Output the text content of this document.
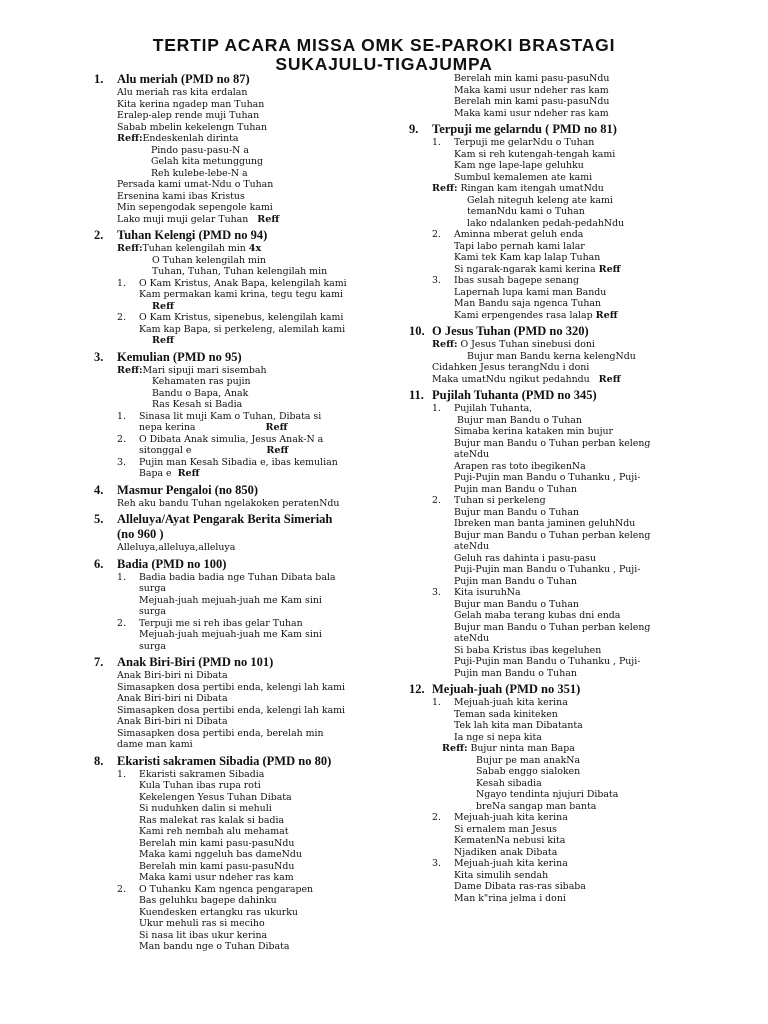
TERTIP ACARA MISSA OMK SE-PAROKI BRASTAGI
SUKAJULU-TIGAJUMPA
1.	Alu meriah (PMD no 87)
Alu meriah ras kita erdalan
Kita kerina ngadep man Tuhan
Eralep-alep rende muji Tuhan
Sabab mbelin kekelengn Tuhan
Reff:Endeskenlah dirinta
Pindo pasu-pasu-N a
Gelah kita metunggung
Reh kulebe-lebe-N a
Persada kami umat-Ndu o Tuhan
Ersenina kami ibas Kristus
Min sepengodak sepengole kami
Lako muji muji gelar Tuhan Reff
2.	Tuhan Kelengi (PMD no 94)
Reff:Tuhan kelengilah min 4x
O Tuhan kelengilah min
Tuhan, Tuhan, Tuhan kelengilah min
1.	O Kam Kristus, Anak Bapa, kelengilah kami
Kam permakan kami krina, tegu tegu kami
Reff
2.	O Kam Kristus, sipenebus, kelengilah kami
Kam kap Bapa, si perkeleng, alemilah kami
Reff
3.	Kemulian (PMD no 95)
Reff:Mari sipuji mari sisembah
Kehamaten ras pujin
Bandu o Bapa, Anak
Ras Kesah si Badia
1.	Sinasa lit muji Kam o Tuhan, Dibata si
nepa kerina	Reff
2.	O Dibata Anak simulia, Jesus Anak-N a
sitonggal e	Reff
3.	Pujin man Kesah Sibadia e, ibas kemulian
Bapa e Reff
4.	Masmur Pengaloi (no 850)
Reh aku bandu Tuhan ngelakoken peratenNdu
5.	Alleluya/Ayat Pengarak Berita Simeriah
(no 960 )
Alleluya,alleluya,alleluya
6.	Badia (PMD no 100)
1.	Badia badia badia nge Tuhan Dibata bala
surga
Mejuah-juah mejuah-juah me Kam sini
surga
2.	Terpuji me si reh ibas gelar Tuhan
Mejuah-juah mejuah-juah me Kam sini
surga
7.	Anak Biri-Biri (PMD no 101)
Anak Biri-biri ni Dibata
Simasapken dosa pertibi enda, kelengi lah kami
Anak Biri-biri ni Dibata
Simasapken dosa pertibi enda, kelengi lah kami
Anak Biri-biri ni Dibata
Simasapken dosa pertibi enda, berelah min
dame man kami
8.	Ekaristi sakramen Sibadia (PMD no 80)
1.	Ekaristi sakramen Sibadia
Kula Tuhan ibas rupa roti
Kekelengen Yesus Tuhan Dibata
Si nuduhken dalin si mehuli
Ras malekat ras kalak si badia
Kami reh nembah alu mehamat
Berelah min kami pasu-pasuNdu
Maka kami nggeluh bas dameNdu
Berelah min kami pasu-pasuNdu
Maka kami usur ndeher ras kam
2.	O Tuhanku Kam ngenca pengarapen
Bas geluhku bagepe dahinku
Kuendesken ertangku ras ukurku
Ukur mehuli ras si meciho
Si nasa lit ibas ukur kerina
Man bandu nge o Tuhan Dibata
Berelah min kami pasu-pasuNdu
Maka kami usur ndeher ras kam
Berelah min kami pasu-pasuNdu
Maka kami usur ndeher ras kam
9.	Terpuji me gelarndu ( PMD no 81)
1.	Terpuji me gelarNdu o Tuhan
Kam si reh kutengah-tengah kami
Kam nge lape-lape geluhku
Sumbul kemalemen ate kami
Reff: Ringan kam itengah umatNdu
Gelah niteguh keleng ate kami
temanNdu kami o Tuhan
lako ndalanken pedah-pedahNdu
2.	Aminna mberat geluh enda
Tapi labo pernah kami lalar
Kami tek Kam kap lalap Tuhan
Si ngarak-ngarak kami kerina Reff
3.	Ibas susah bagepe senang
Lapernah lupa kami man Bandu
Man Bandu saja ngenca Tuhan
Kami erpengendes rasa lalap Reff
10. O Jesus Tuhan (PMD no 320)
Reff: O Jesus Tuhan sinebusi doni
Bujur man Bandu kerna kelengNdu
Cidahken Jesus terangNdu i doni
Maka umatNdu ngikut pedahndu Reff
11. Pujilah Tuhanta (PMD no 345)
1.	Pujilah Tuhanta,
Bujur man Bandu o Tuhan
Simaba kerina kataken min bujur
Bujur man Bandu o Tuhan perban keleng
ateNdu
Arapen ras toto ibegikenNa
Puji-Pujin man Bandu o Tuhanku , Puji-
Pujin man Bandu o Tuhan
2.	Tuhan si perkeleng
Bujur man Bandu o Tuhan
Ibreken man banta jaminen geluhNdu
Bujur man Bandu o Tuhan perban keleng
ateNdu
Geluh ras dahinta i pasu-pasu
Puji-Pujin man Bandu o Tuhanku , Puji-
Pujin man Bandu o Tuhan
3.	Kita isuruhNa
Bujur man Bandu o Tuhan
Gelah maba terang kubas dni enda
Bujur man Bandu o Tuhan perban keleng
ateNdu
Si baba Kristus ibas kegeluhen
Puji-Pujin man Bandu o Tuhanku , Puji-
Pujin man Bandu o Tuhan
12. Mejuah-juah (PMD no 351)
1.	Mejuah-juah kita kerina
Teman sada kiniteken
Tek lah kita man Dibatanta
Ia nge si nepa kita
Reff: Bujur ninta man Bapa
Bujur pe man anakNa
Sabab enggo sialoken
Kesah sibadia
Ngayo tendinta njujuri Dibata
breNa sangap man banta
2.	Mejuah-juah kita kerina
Si ernalem man Jesus
KematenNa nebusi kita
Njadiken anak Dibata
3.	Mejuah-juah kita kerina
Kita simulih sendah
Dame Dibata ras-ras sibaba
Man k"rina jelma i doni
